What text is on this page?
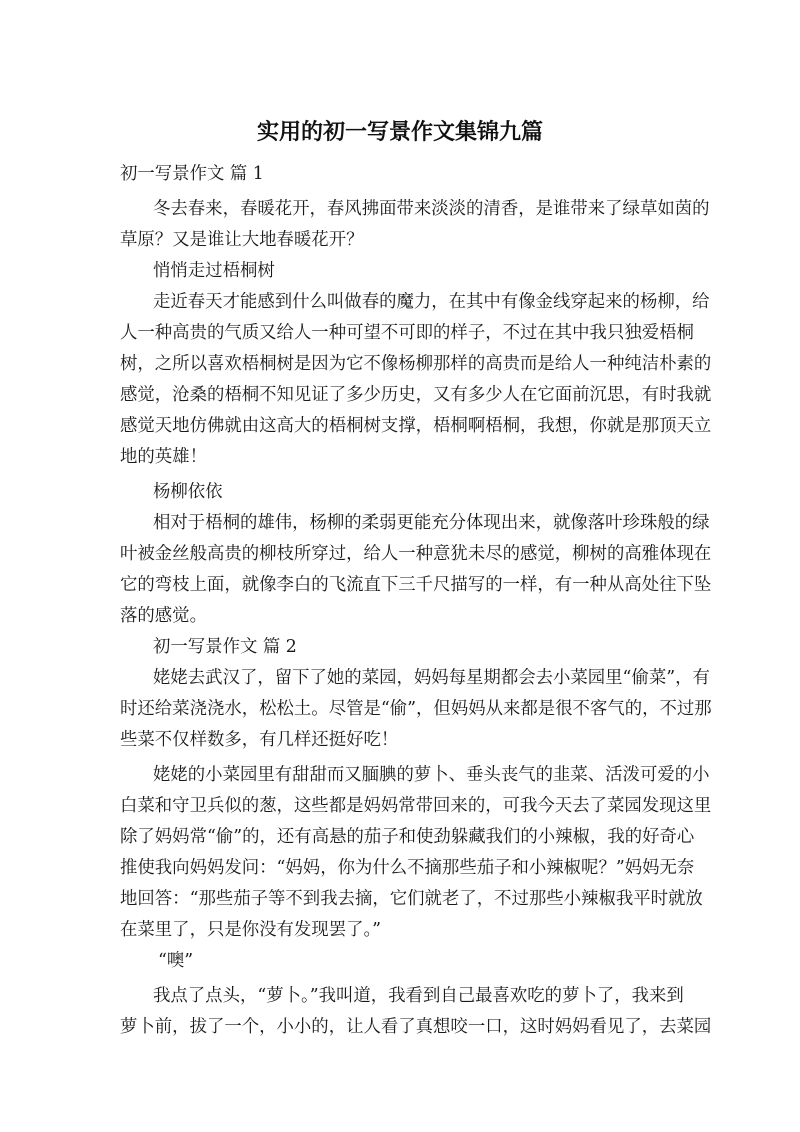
实用的初一写景作文集锦九篇
初一写景作文 篇 1
冬去春来，春暖花开，春风拂面带来淡淡的清香，是谁带来了绿草如茵的
草原？又是谁让大地春暖花开？
悄悄走过梧桐树
走近春天才能感到什么叫做春的魔力，在其中有像金线穿起来的杨柳，给
人一种高贵的气质又给人一种可望不可即的样子，不过在其中我只独爱梧桐
树，之所以喜欢梧桐树是因为它不像杨柳那样的高贵而是给人一种纯洁朴素的
感觉，沧桑的梧桐不知见证了多少历史，又有多少人在它面前沉思，有时我就
感觉天地仿佛就由这高大的梧桐树支撑，梧桐啊梧桐，我想，你就是那顶天立
地的英雄！
杨柳依依
相对于梧桐的雄伟，杨柳的柔弱更能充分体现出来，就像落叶珍珠般的绿
叶被金丝般高贵的柳枝所穿过，给人一种意犹未尽的感觉，柳树的高雅体现在
它的弯枝上面，就像李白的飞流直下三千尺描写的一样，有一种从高处往下坠
落的感觉。
初一写景作文 篇 2
姥姥去武汉了，留下了她的菜园，妈妈每星期都会去小菜园里“偷菜”，有
时还给菜浇浇水，松松土。尽管是“偷”，但妈妈从来都是很不客气的，不过那
些菜不仅样数多，有几样还挺好吃！
姥姥的小菜园里有甜甜而又腼腆的萝卜、垂头丧气的韭菜、活泼可爱的小
白菜和守卫兵似的葱，这些都是妈妈常带回来的，可我今天去了菜园发现这里
除了妈妈常“偷”的，还有高悬的茄子和使劲躲藏我们的小辣椒，我的好奇心
推使我向妈妈发问：“妈妈，你为什么不摘那些茄子和小辣椒呢？”妈妈无奈
地回答：“那些茄子等不到我去摘，它们就老了，不过那些小辣椒我平时就放
在菜里了，只是你没有发现罢了。”
“噢”
我点了点头，“萝卜。”我叫道，我看到自己最喜欢吃的萝卜了，我来到
萝卜前，拔了一个，小小的，让人看了真想咬一口，这时妈妈看见了，去菜园
